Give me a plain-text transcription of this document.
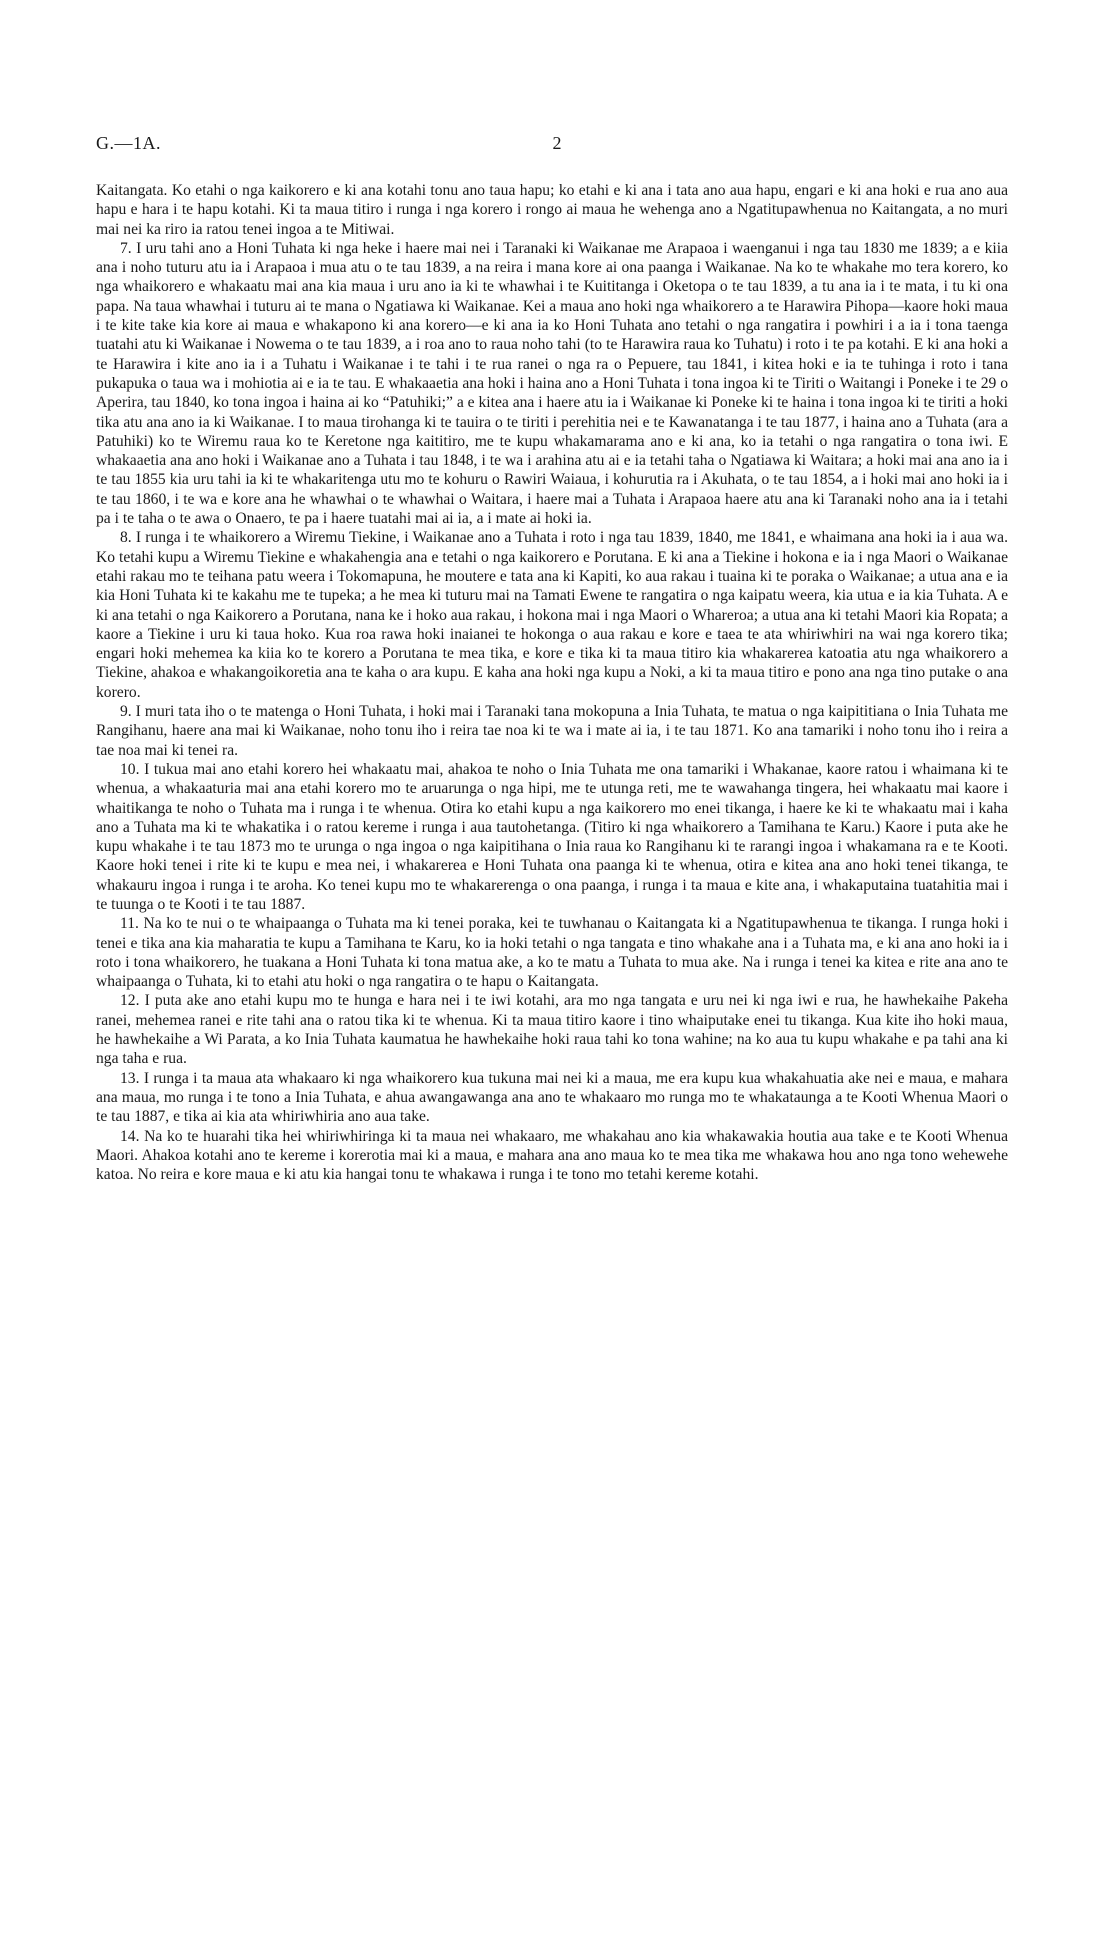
G.—1A.	2

Kaitangata. Ko etahi o nga kaikorero e ki ana kotahi tonu ano taua hapu; ko etahi e ki ana i tata ano aua hapu, engari e ki ana hoki e rua ano aua hapu e hara i te hapu kotahi. Ki ta maua titiro i runga i nga korero i rongo ai maua he wehenga ano a Ngatitupawhenua no Kaitangata, a no muri mai nei ka riro ia ratou tenei ingoa a te Mitiwai.

7. I uru tahi ano a Honi Tuhata ki nga heke i haere mai nei i Taranaki ki Waikanae me Arapaoa i waenganui i nga tau 1830 me 1839; a e kiia ana i noho tuturu atu ia i Arapaoa i mua atu o te tau 1839, a na reira i mana kore ai ona paanga i Waikanae. Na ko te whakahe mo tera korero, ko nga whaikorero e whakaatu mai ana kia maua i uru ano ia ki te whawhai i te Kuititanga i Oketopa o te tau 1839, a tu ana ia i te mata, i tu ki ona papa. Na taua whawhai i tuturu ai te mana o Ngatiawa ki Waikanae. Kei a maua ano hoki nga whaikorero a te Harawira Pihopa—kaore hoki maua i te kite take kia kore ai maua e whakapono ki ana korero—e ki ana ia ko Honi Tuhata ano tetahi o nga rangatira i powhiri i a ia i tona taenga tuatahi atu ki Waikanae i Nowema o te tau 1839, a i roa ano to raua noho tahi (to te Harawira raua ko Tuhatu) i roto i te pa kotahi. E ki ana hoki a te Harawira i kite ano ia i a Tuhatu i Waikanae i te tahi i te rua ranei o nga ra o Pepuere, tau 1841, i kitea hoki e ia te tuhinga i roto i tana pukapuka o taua wa i mohiotia ai e ia te tau. E whakaaetia ana hoki i haina ano a Honi Tuhata i tona ingoa ki te Tiriti o Waitangi i Poneke i te 29 o Aperira, tau 1840, ko tona ingoa i haina ai ko “Patuhiki;” a e kitea ana i haere atu ia i Waikanae ki Poneke ki te haina i tona ingoa ki te tiriti a hoki tika atu ana ano ia ki Waikanae. I to maua tirohanga ki te tauira o te tiriti i perehitia nei e te Kawanatanga i te tau 1877, i haina ano a Tuhata (ara a Patuhiki) ko te Wiremu raua ko te Keretone nga kaititiro, me te kupu whakamarama ano e ki ana, ko ia tetahi o nga rangatira o tona iwi. E whakaaetia ana ano hoki i Waikanae ano a Tuhata i tau 1848, i te wa i arahina atu ai e ia tetahi taha o Ngatiawa ki Waitara; a hoki mai ana ano ia i te tau 1855 kia uru tahi ia ki te whakaritenga utu mo te kohuru o Rawiri Waiaua, i kohurutia ra i Akuhata, o te tau 1854, a i hoki mai ano hoki ia i te tau 1860, i te wa e kore ana he whawhai o te whawhai o Waitara, i haere mai a Tuhata i Arapaoa haere atu ana ki Taranaki noho ana ia i tetahi pa i te taha o te awa o Onaero, te pa i haere tuatahi mai ai ia, a i mate ai hoki ia.

8. I runga i te whaikorero a Wiremu Tiekine, i Waikanae ano a Tuhata i roto i nga tau 1839, 1840, me 1841, e whaimana ana hoki ia i aua wa. Ko tetahi kupu a Wiremu Tiekine e whakahengia ana e tetahi o nga kaikorero e Porutana. E ki ana a Tiekine i hokona e ia i nga Maori o Waikanae etahi rakau mo te teihana patu weera i Tokomapuna, he moutere e tata ana ki Kapiti, ko aua rakau i tuaina ki te poraka o Waikanae; a utua ana e ia kia Honi Tuhata ki te kakahu me te tupeka; a he mea ki tuturu mai na Tamati Ewene te rangatira o nga kaipatu weera, kia utua e ia kia Tuhata. A e ki ana tetahi o nga Kaikorero a Porutana, nana ke i hoko aua rakau, i hokona mai i nga Maori o Whareroa; a utua ana ki tetahi Maori kia Ropata; a kaore a Tiekine i uru ki taua hoko. Kua roa rawa hoki inaianei te hokonga o aua rakau e kore e taea te ata whiriwhiri na wai nga korero tika; engari hoki mehemea ka kiia ko te korero a Porutana te mea tika, e kore e tika ki ta maua titiro kia whakarerea katoatia atu nga whaikorero a Tiekine, ahakoa e whakangoikoretia ana te kaha o ara kupu. E kaha ana hoki nga kupu a Noki, a ki ta maua titiro e pono ana nga tino putake o ana korero.

9. I muri tata iho o te matenga o Honi Tuhata, i hoki mai i Taranaki tana mokopuna a Inia Tuhata, te matua o nga kaipititiana o Inia Tuhata me Rangihanu, haere ana mai ki Waikanae, noho tonu iho i reira tae noa ki te wa i mate ai ia, i te tau 1871. Ko ana tamariki i noho tonu iho i reira a tae noa mai ki tenei ra.

10. I tukua mai ano etahi korero hei whakaatu mai, ahakoa te noho o Inia Tuhata me ona tamariki i Whakanae, kaore ratou i whaimana ki te whenua, a whakaaturia mai ana etahi korero mo te aruarunga o nga hipi, me te utunga reti, me te wawahanga tingera, hei whakaatu mai kaore i whaitikanga te noho o Tuhata ma i runga i te whenua. Otira ko etahi kupu a nga kaikorero mo enei tikanga, i haere ke ki te whakaatu mai i kaha ano a Tuhata ma ki te whakatika i o ratou kereme i runga i aua tautohetanga. (Titiro ki nga whaikorero a Tamihana te Karu.) Kaore i puta ake he kupu whakahe i te tau 1873 mo te urunga o nga ingoa o nga kaipitihana o Inia raua ko Rangihanu ki te rarangi ingoa i whakamana ra e te Kooti. Kaore hoki tenei i rite ki te kupu e mea nei, i whakarerea e Honi Tuhata ona paanga ki te whenua, otira e kitea ana ano hoki tenei tikanga, te whakauru ingoa i runga i te aroha. Ko tenei kupu mo te whakarerenga o ona paanga, i runga i ta maua e kite ana, i whakaputaina tuatahitia mai i te tuunga o te Kooti i te tau 1887.

11. Na ko te nui o te whaipaanga o Tuhata ma ki tenei poraka, kei te tuwhanau o Kaitangata ki a Ngatitupawhenua te tikanga. I runga hoki i tenei e tika ana kia maharatia te kupu a Tamihana te Karu, ko ia hoki tetahi o nga tangata e tino whakahe ana i a Tuhata ma, e ki ana ano hoki ia i roto i tona whaikorero, he tuakana a Honi Tuhata ki tona matua ake, a ko te matu a Tuhata to mua ake. Na i runga i tenei ka kitea e rite ana ano te whaipaanga o Tuhata, ki to etahi atu hoki o nga rangatira o te hapu o Kaitangata.

12. I puta ake ano etahi kupu mo te hunga e hara nei i te iwi kotahi, ara mo nga tangata e uru nei ki nga iwi e rua, he hawhekaihe Pakeha ranei, mehemea ranei e rite tahi ana o ratou tika ki te whenua. Ki ta maua titiro kaore i tino whaiputake enei tu tikanga. Kua kite iho hoki maua, he hawhekaihe a Wi Parata, a ko Inia Tuhata kaumatua he hawhekaihe hoki raua tahi ko tona wahine; na ko aua tu kupu whakahe e pa tahi ana ki nga taha e rua.

13. I runga i ta maua ata whakaaro ki nga whaikorero kua tukuna mai nei ki a maua, me era kupu kua whakahuatia ake nei e maua, e mahara ana maua, mo runga i te tono a Inia Tuhata, e ahua awangawanga ana ano te whakaaro mo runga mo te whakataunga a te Kooti Whenua Maori o te tau 1887, e tika ai kia ata whiriwhiria ano aua take.

14. Na ko te huarahi tika hei whiriwhiringa ki ta maua nei whakaaro, me whakahau ano kia whakawakia houtia aua take e te Kooti Whenua Maori. Ahakoa kotahi ano te kereme i korerotia mai ki a maua, e mahara ana ano maua ko te mea tika me whakawa hou ano nga tono wehewehe katoa. No reira e kore maua e ki atu kia hangai tonu te whakawa i runga i te tono mo tetahi kereme kotahi.
